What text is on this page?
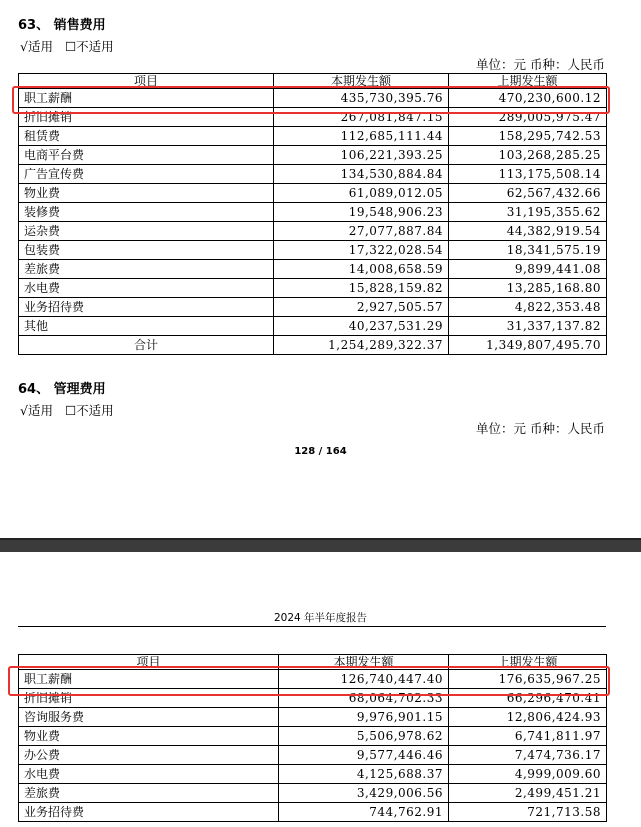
63、 销售费用
√适用 ☐不适用
单位：元 币种：人民币
项目	本期发生额	上期发生额
职工薪酬	435,730,395.76	470,230,600.12
折旧摊销	267,081,847.15	289,005,975.47
租赁费	112,685,111.44	158,295,742.53
电商平台费	106,221,393.25	103,268,285.25
广告宣传费	134,530,884.84	113,175,508.14
物业费	61,089,012.05	62,567,432.66
装修费	19,548,906.23	31,195,355.62
运杂费	27,077,887.84	44,382,919.54
包装费	17,322,028.54	18,341,575.19
差旅费	14,008,658.59	9,899,441.08
水电费	15,828,159.82	13,285,168.80
业务招待费	2,927,505.57	4,822,353.48
其他	40,237,531.29	31,337,137.82
合计	1,254,289,322.37	1,349,807,495.70
64、 管理费用
√适用 ☐不适用
单位：元 币种：人民币
128 / 164
2024 年半年度报告
项目	本期发生额	上期发生额
职工薪酬	126,740,447.40	176,635,967.25
折旧摊销	68,064,702.33	66,296,470.41
咨询服务费	9,976,901.15	12,806,424.93
物业费	5,506,978.62	6,741,811.97
办公费	9,577,446.46	7,474,736.17
水电费	4,125,688.37	4,999,009.60
差旅费	3,429,006.56	2,499,451.21
业务招待费	744,762.91	721,713.58
